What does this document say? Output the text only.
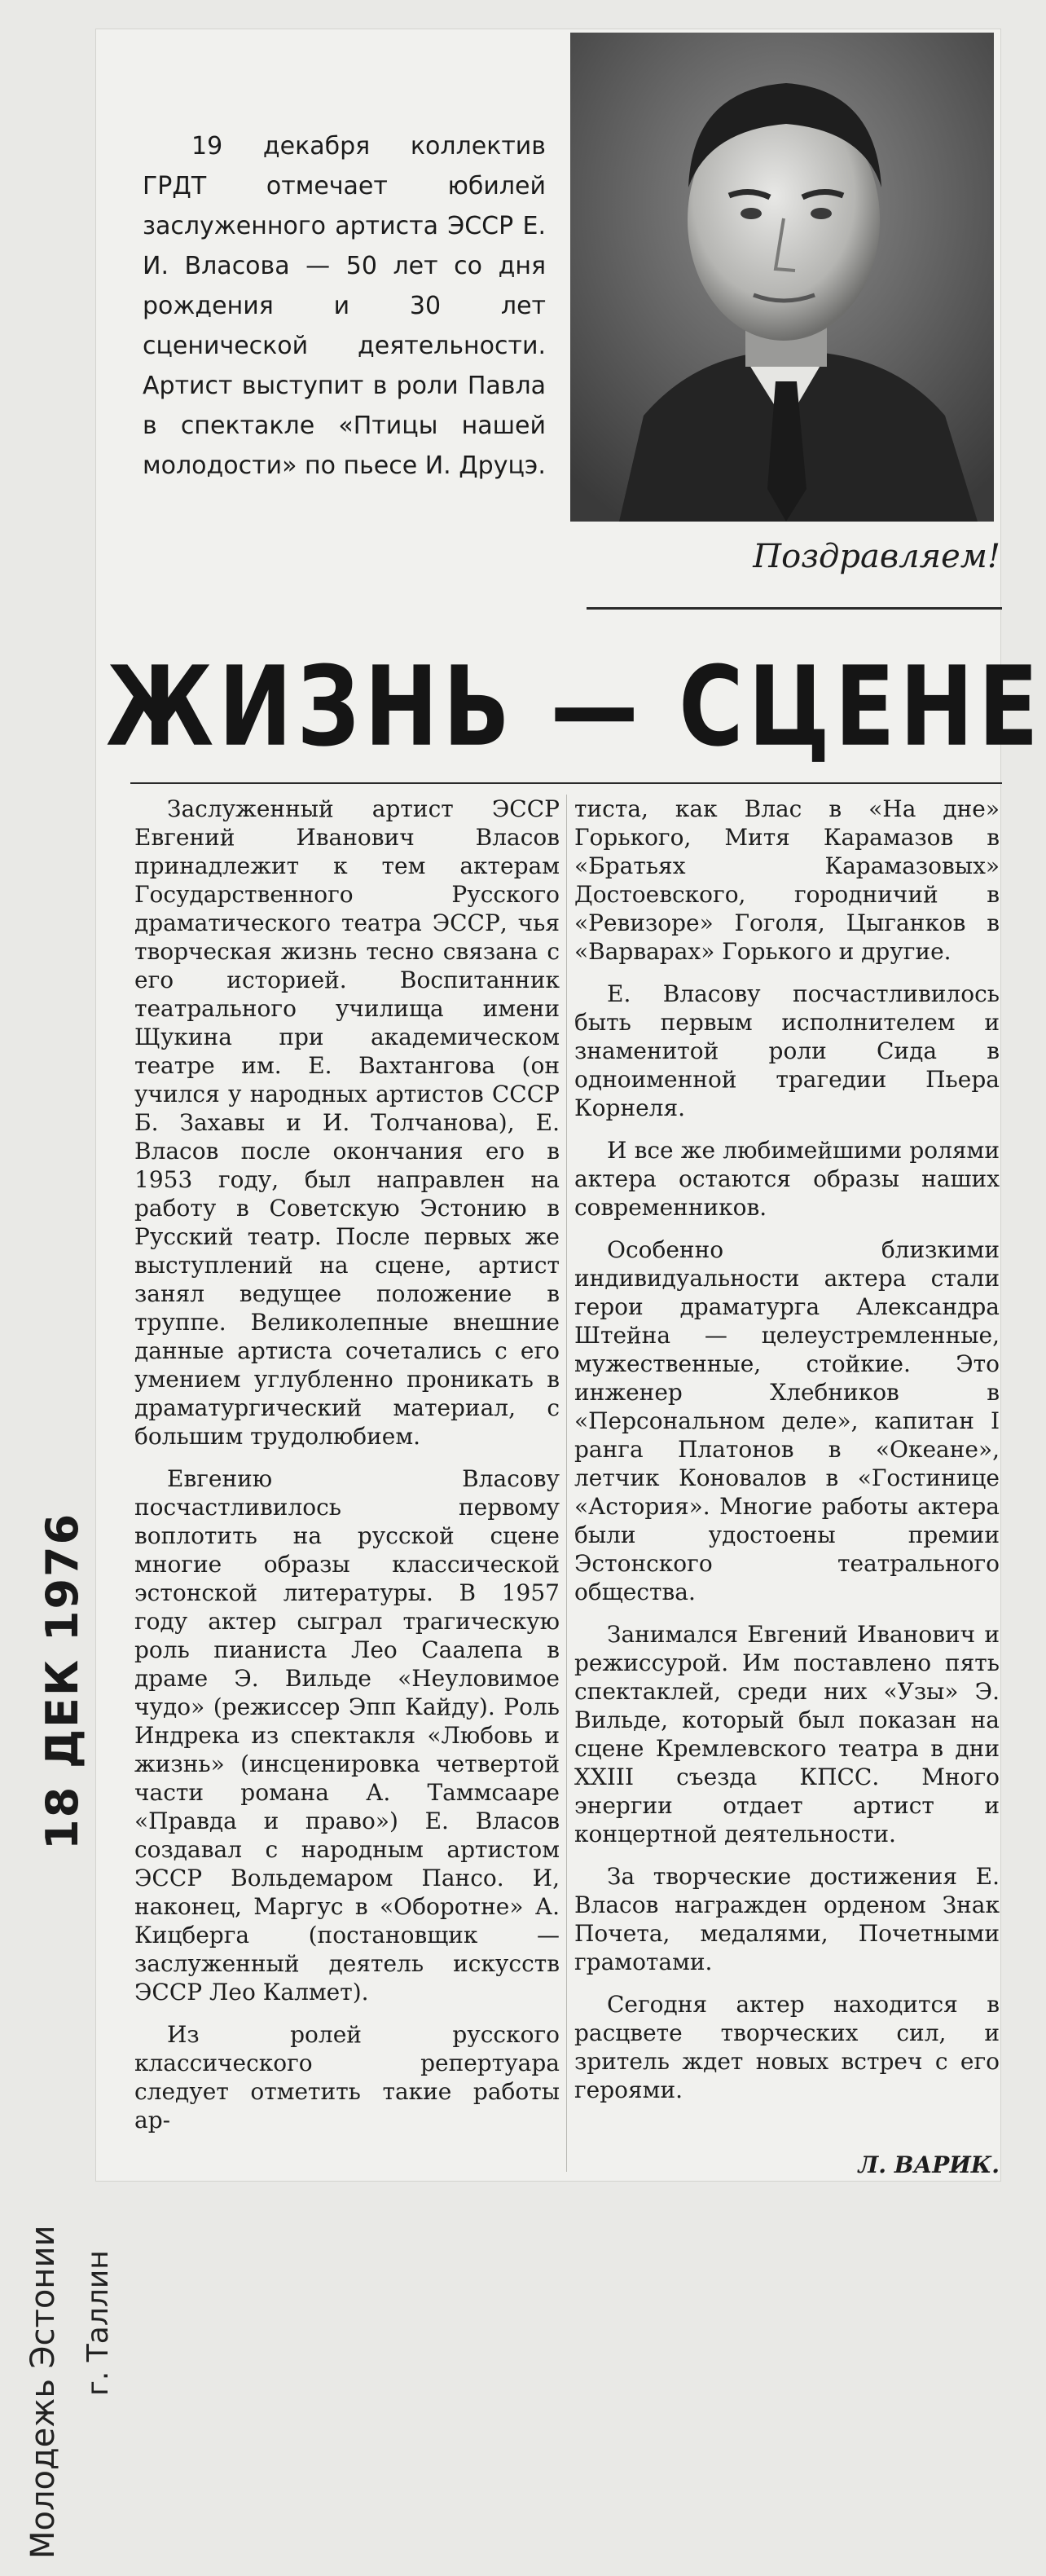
19 декабря коллектив ГРДТ отмечает юбилей заслуженного артиста ЭССР Е. И. Власова — 50 лет со дня рождения и 30 лет сценической деятельности. Артист выступит в роли Павла в спектакле «Птицы нашей молодости» по пьесе И. Друцэ.

Поздравляем!

ЖИЗНЬ — СЦЕНЕ

Заслуженный артист ЭССР Евгений Иванович Власов принадлежит к тем актерам Государственного Русского драматического театра ЭССР, чья творческая жизнь тесно связана с его историей. Воспитанник театрального училища имени Щукина при академическом театре им. Е. Вахтангова (он учился у народных артистов СССР Б. Захавы и И. Толчанова), Е. Власов после окончания его в 1953 году, был направлен на работу в Советскую Эстонию в Русский театр. После первых же выступлений на сцене, артист занял ведущее положение в труппе. Великолепные внешние данные артиста сочетались с его умением углубленно проникать в драматургический материал, с большим трудолюбием.

Евгению Власову посчастливилось первому воплотить на русской сцене многие образы классической эстонской литературы. В 1957 году актер сыграл трагическую роль пианиста Лео Саалепа в драме Э. Вильде «Неуловимое чудо» (режиссер Эпп Кайду). Роль Индрека из спектакля «Любовь и жизнь» (инсценировка четвертой части романа А. Таммсааре «Правда и право») Е. Власов создавал с народным артистом ЭССР Вольдемаром Пансо. И, наконец, Маргус в «Оборотне» А. Кицберга (постановщик — заслуженный деятель искусств ЭССР Лео Калмет).

Из ролей русского классического репертуара следует отметить такие работы ар-

тиста, как Влас в «На дне» Горького, Митя Карамазов в «Братьях Карамазовых» Достоевского, городничий в «Ревизоре» Гоголя, Цыганков в «Варварах» Горького и другие.

Е. Власову посчастливилось быть первым исполнителем и знаменитой роли Сида в одноименной трагедии Пьера Корнеля.

И все же любимейшими ролями актера остаются образы наших современников.

Особенно близкими индивидуальности актера стали герои драматурга Александра Штейна — целеустремленные, мужественные, стойкие. Это инженер Хлебников в «Персональном деле», капитан I ранга Платонов в «Океане», летчик Коновалов в «Гостинице «Астория». Многие работы актера были удостоены премии Эстонского театрального общества.

Занимался Евгений Иванович и режиссурой. Им поставлено пять спектаклей, среди них «Узы» Э. Вильде, который был показан на сцене Кремлевского театра в дни XXIII съезда КПСС. Много энергии отдает артист и концертной деятельности.

За творческие достижения Е. Власов награжден орденом Знак Почета, медалями, Почетными грамотами.

Сегодня актер находится в расцвете творческих сил, и зритель ждет новых встреч с его героями.

Л. ВАРИК.

18 ДЕК 1976

Молодежь Эстонии г. Таллин
